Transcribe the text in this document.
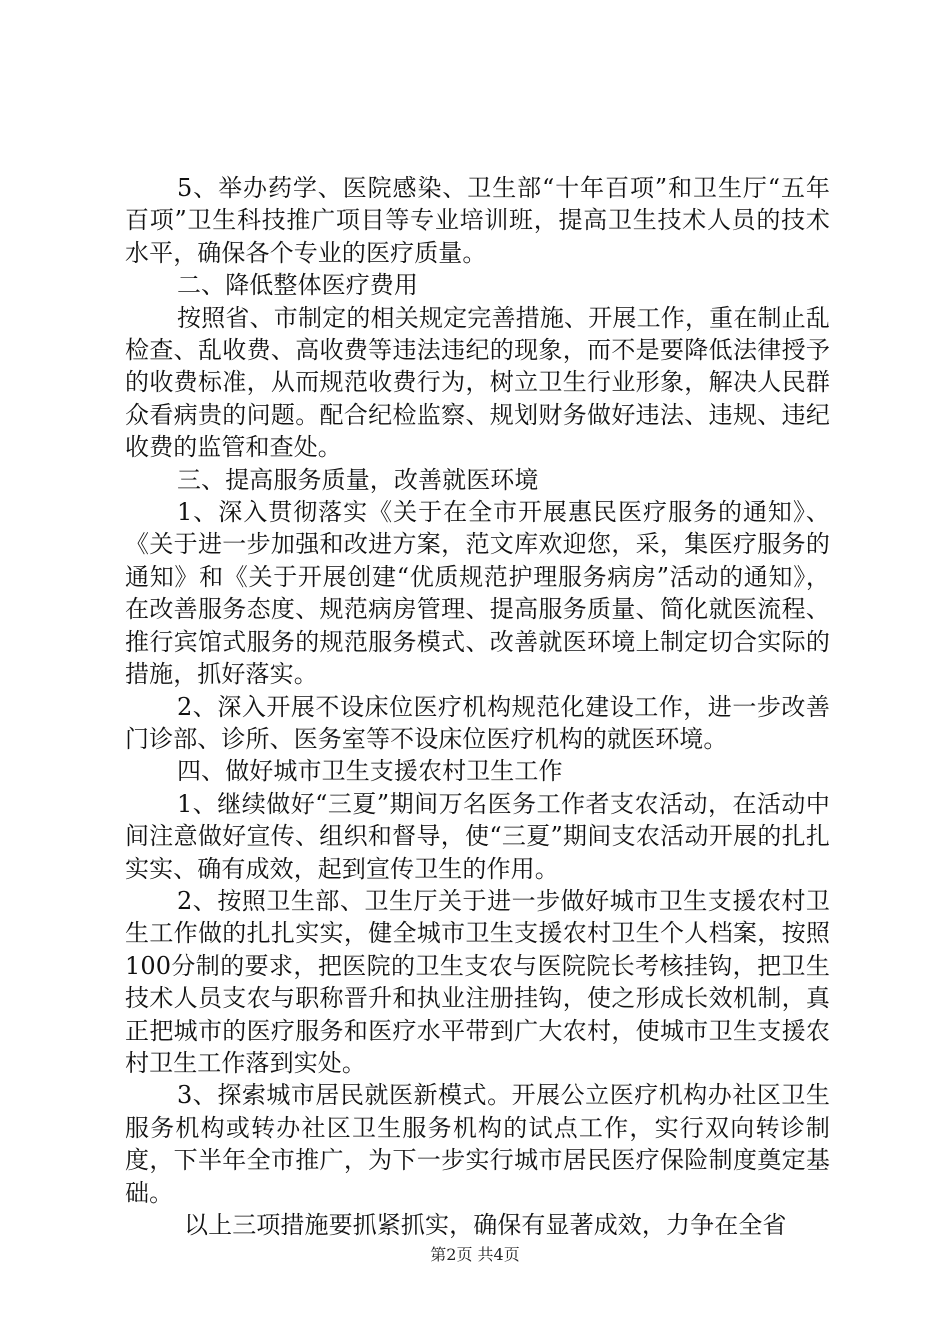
5、举办药学、医院感染、卫生部“十年百项”和卫生厅“五年百项”卫生科技推广项目等专业培训班，提高卫生技术人员的技术水平，确保各个专业的医疗质量。

二、降低整体医疗费用

按照省、市制定的相关规定完善措施、开展工作，重在制止乱检查、乱收费、高收费等违法违纪的现象，而不是要降低法律授予的收费标准，从而规范收费行为，树立卫生行业形象，解决人民群众看病贵的问题。配合纪检监察、规划财务做好违法、违规、违纪收费的监管和查处。

三、提高服务质量，改善就医环境

1、深入贯彻落实《关于在全市开展惠民医疗服务的通知》、《关于进一步加强和改进方案，范文库欢迎您，采，集医疗服务的通知》和《关于开展创建“优质规范护理服务病房”活动的通知》，在改善服务态度、规范病房管理、提高服务质量、简化就医流程、推行宾馆式服务的规范服务模式、改善就医环境上制定切合实际的措施，抓好落实。

2、深入开展不设床位医疗机构规范化建设工作，进一步改善门诊部、诊所、医务室等不设床位医疗机构的就医环境。

四、做好城市卫生支援农村卫生工作

1、继续做好“三夏”期间万名医务工作者支农活动，在活动中间注意做好宣传、组织和督导，使“三夏”期间支农活动开展的扎扎实实、确有成效，起到宣传卫生的作用。

2、按照卫生部、卫生厅关于进一步做好城市卫生支援农村卫生工作做的扎扎实实，健全城市卫生支援农村卫生个人档案，按照100分制的要求，把医院的卫生支农与医院院长考核挂钩，把卫生技术人员支农与职称晋升和执业注册挂钩，使之形成长效机制，真正把城市的医疗服务和医疗水平带到广大农村，使城市卫生支援农村卫生工作落到实处。

3、探索城市居民就医新模式。开展公立医疗机构办社区卫生服务机构或转办社区卫生服务机构的试点工作，实行双向转诊制度，下半年全市推广，为下一步实行城市居民医疗保险制度奠定基础。

以上三项措施要抓紧抓实，确保有显著成效，力争在全省

第2页 共4页
